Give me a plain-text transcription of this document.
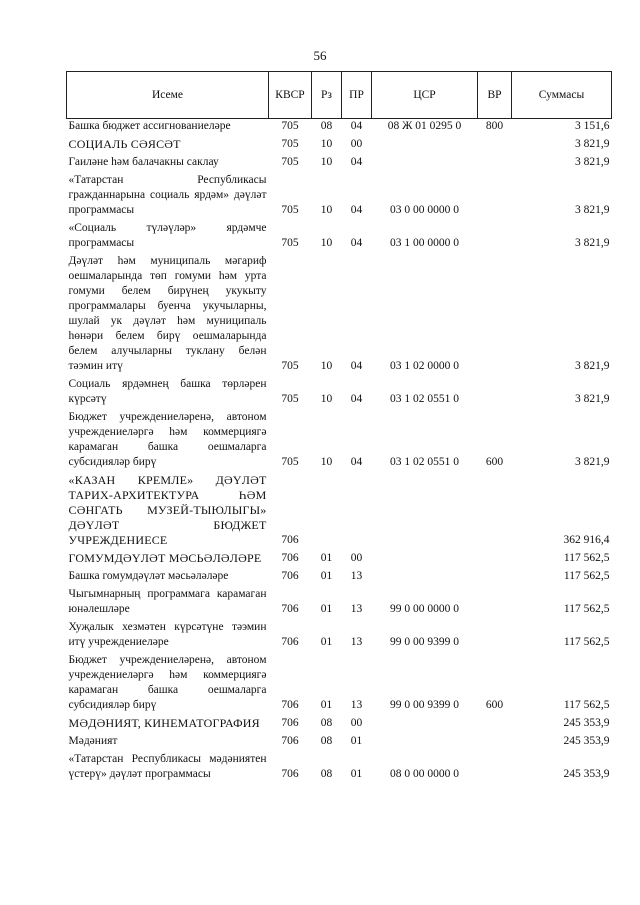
56
Исеме	КВСР	Рз	ПР	ЦСР	ВР	Суммасы
Башка бюджет ассигнованиеләре	705	08	04	08 Ж 01 0295 0	800	3 151,6
СОЦИАЛЬ СӘЯСӘТ	705	10	00			3 821,9
Гаиләне һәм балачакны саклау	705	10	04			3 821,9
«Татарстан Республикасы гражданнарына социаль ярдәм» дәүләт программасы	705	10	04	03 0 00 0000 0		3 821,9
«Социаль түләүләр» ярдәмче программасы	705	10	04	03 1 00 0000 0		3 821,9
Дәүләт һәм муниципаль мәгариф оешмаларында төп гомуми һәм урта гомуми белем бирүнең укукыту программалары буенча укучыларны, шулай ук дәүләт һәм муниципаль һөнәри белем бирү оешмаларында белем алучыларны туклану белән тәэмин итү	705	10	04	03 1 02 0000 0		3 821,9
Социаль ярдәмнең башка төрләрен күрсәтү	705	10	04	03 1 02 0551 0		3 821,9
Бюджет учреждениеләренә, автоном учреждениеләргә һәм коммерциягә карамаган башка оешмаларга субсидияләр бирү	705	10	04	03 1 02 0551 0	600	3 821,9
«КАЗАН КРЕМЛЕ» ДӘҮЛӘТ ТАРИХ-АРХИТЕКТУРА ҺӘМ СӘНГАТЬ МУЗЕЙ-ТЫЮЛЫГЫ» ДӘҮЛӘТ БЮДЖЕТ УЧРЕЖДЕНИЕСЕ	706					362 916,4
ГОМУМДӘҮЛӘТ МӘСЬӘЛӘЛӘРЕ	706	01	00			117 562,5
Башка гомумдәүләт мәсьәләләре	706	01	13			117 562,5
Чыгымнарның программага карамаган юнәлешләре	706	01	13	99 0 00 0000 0		117 562,5
Хуҗалык хезмәтен күрсәтүне тәэмин итү учреждениеләре	706	01	13	99 0 00 9399 0		117 562,5
Бюджет учреждениеләренә, автоном учреждениеләргә һәм коммерциягә карамаган башка оешмаларга субсидияләр бирү	706	01	13	99 0 00 9399 0	600	117 562,5
МӘДӘНИЯТ, КИНЕМАТОГРАФИЯ	706	08	00			245 353,9
Мәдәният	706	08	01			245 353,9
«Татарстан Республикасы мәдәниятен үстерү» дәүләт программасы	706	08	01	08 0 00 0000 0		245 353,9
